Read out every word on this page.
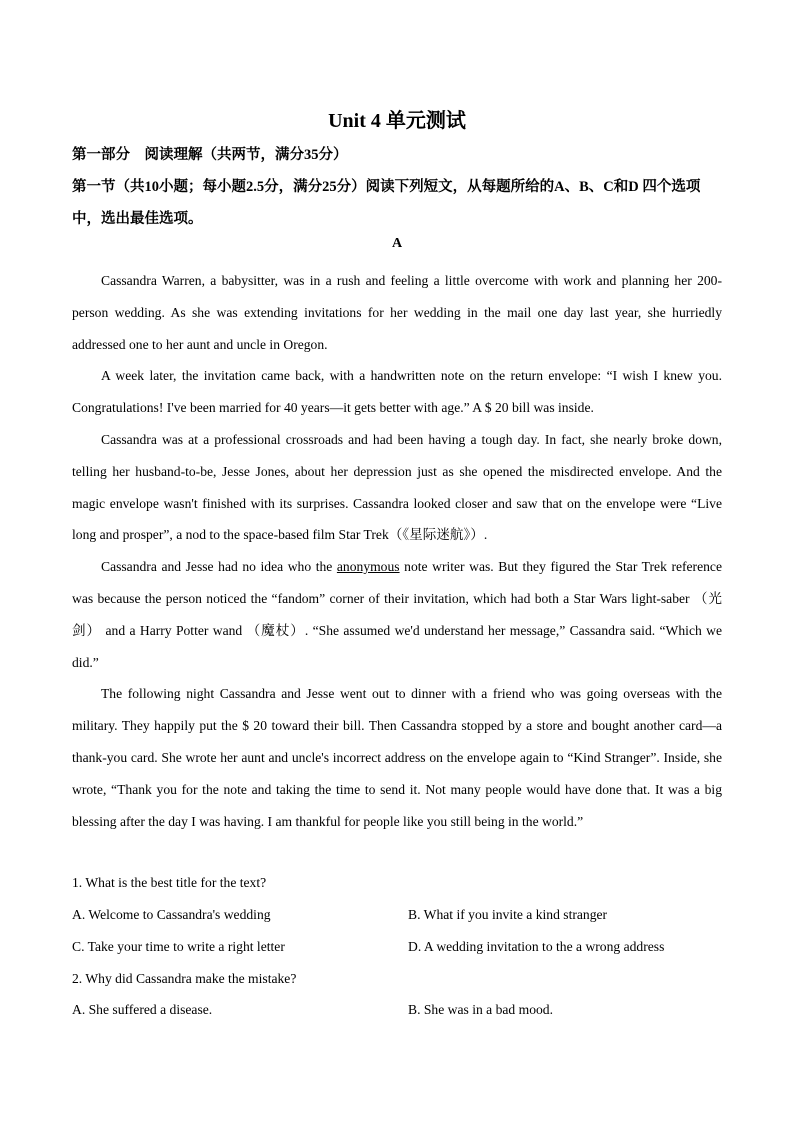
Unit 4 单元测试
第一部分　阅读理解（共两节，满分35分）
第一节（共10小题；每小题2.5分，满分25分）阅读下列短文，从每题所给的A、B、C和D 四个选项中，选出最佳选项。
A

Cassandra Warren, a babysitter, was in a rush and feeling a little overcome with work and planning her 200-person wedding. As she was extending invitations for her wedding in the mail one day last year, she hurriedly addressed one to her aunt and uncle in Oregon.

A week later, the invitation came back, with a handwritten note on the return envelope: “I wish I knew you. Congratulations! I've been married for 40 years—it gets better with age.” A $ 20 bill was inside.

Cassandra was at a professional crossroads and had been having a tough day. In fact, she nearly broke down, telling her husband-to-be, Jesse Jones, about her depression just as she opened the misdirected envelope. And the magic envelope wasn't finished with its surprises. Cassandra looked closer and saw that on the envelope were “Live long and prosper”, a nod to the space-based film Star Trek（《星际迷航》）.

Cassandra and Jesse had no idea who the anonymous note writer was. But they figured the Star Trek reference was because the person noticed the “fandom” corner of their invitation, which had both a Star Wars light-saber （光剑） and a Harry Potter wand （魔杖）. “She assumed we'd understand her message,” Cassandra said. “Which we did.”

The following night Cassandra and Jesse went out to dinner with a friend who was going overseas with the military. They happily put the $ 20 toward their bill. Then Cassandra stopped by a store and bought another card—a thank-you card. She wrote her aunt and uncle's incorrect address on the envelope again to “Kind Stranger”. Inside, she wrote, “Thank you for the note and taking the time to send it. Not many people would have done that. It was a big blessing after the day I was having. I am thankful for people like you still being in the world.”

1. What is the best title for the text?
A. Welcome to Cassandra's wedding	B. What if you invite a kind stranger
C. Take your time to write a right letter	D. A wedding invitation to the a wrong address
2. Why did Cassandra make the mistake?
A. She suffered a disease.	B. She was in a bad mood.
